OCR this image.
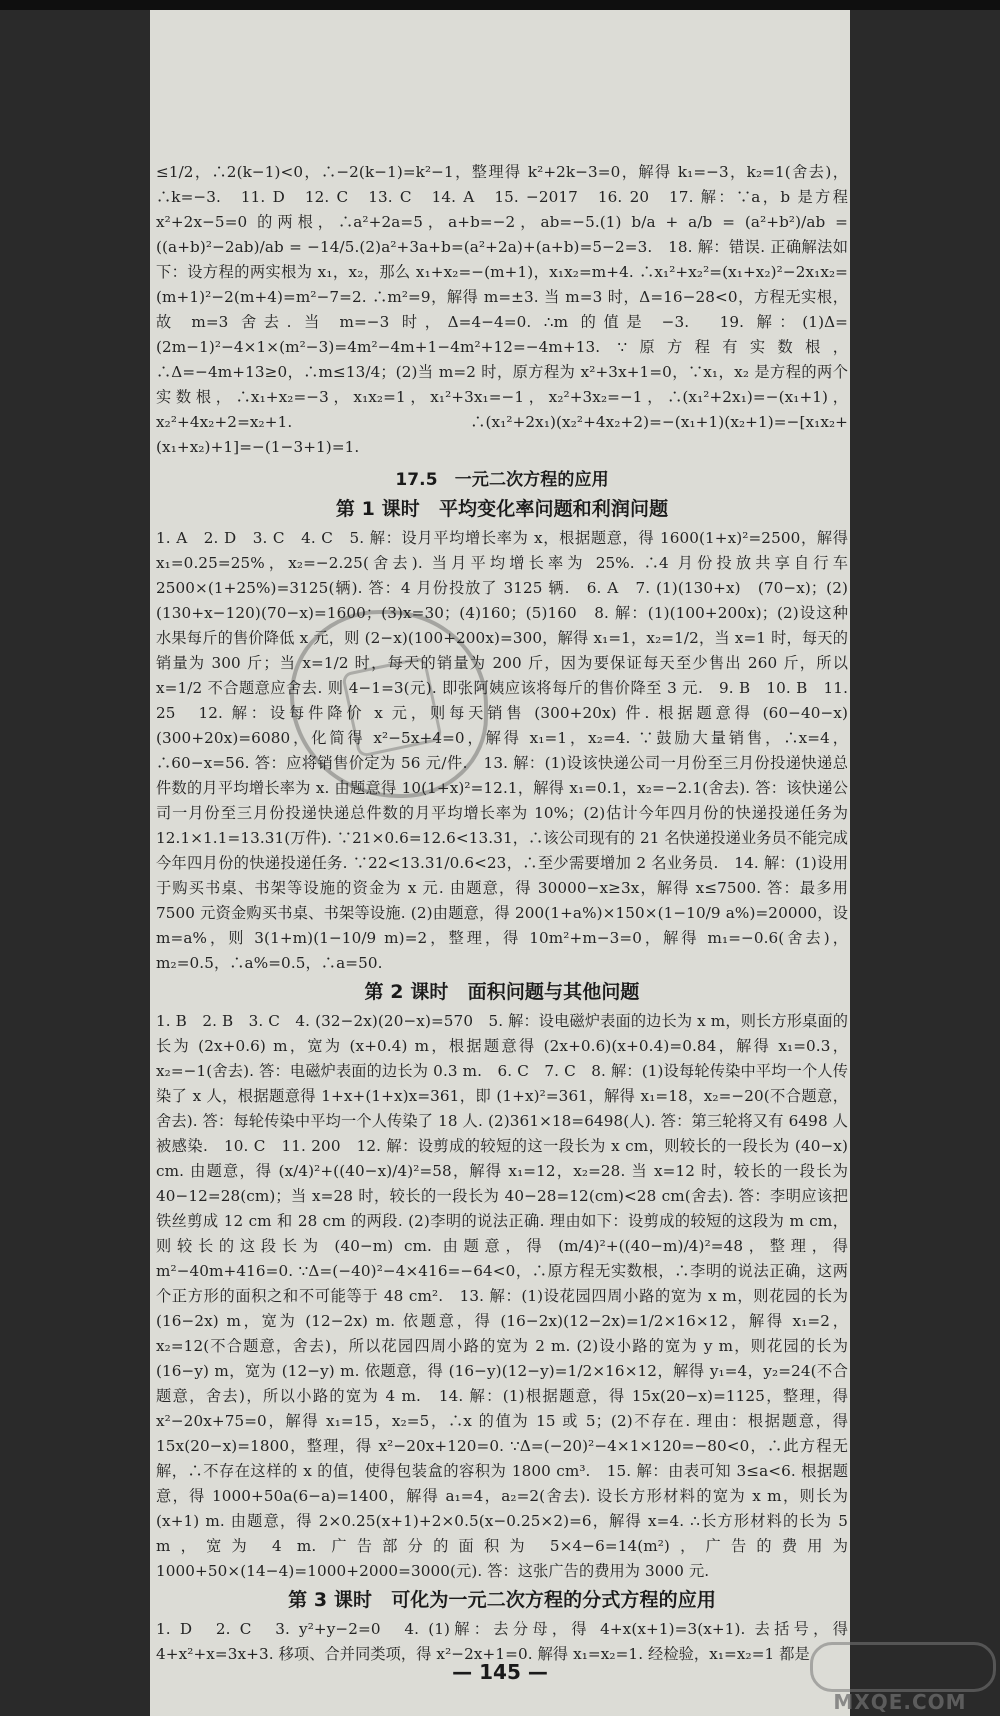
≤1/2，∴2(k−1)<0，∴−2(k−1)=k²−1，整理得 k²+2k−3=0，解得 k₁=−3，k₂=1(舍去)，∴k=−3.　11. D　12. C　13. C　14. A　15. −2017　16. 20　17. 解：∵a，b 是方程 x²+2x−5=0 的两根，∴a²+2a=5，a+b=−2，ab=−5.(1) b/a + a/b = (a²+b²)/ab = ((a+b)²−2ab)/ab = −14/5.(2)a²+3a+b=(a²+2a)+(a+b)=5−2=3.　18. 解：错误. 正确解法如下：设方程的两实根为 x₁，x₂，那么 x₁+x₂=−(m+1)，x₁x₂=m+4. ∴x₁²+x₂²=(x₁+x₂)²−2x₁x₂=(m+1)²−2(m+4)=m²−7=2. ∴m²=9，解得 m=±3. 当 m=3 时，Δ=16−28<0，方程无实根，故 m=3 舍去. 当 m=−3 时，Δ=4−4=0. ∴m 的值是 −3.　19. 解：(1)Δ=(2m−1)²−4×1×(m²−3)=4m²−4m+1−4m²+12=−4m+13. ∵原方程有实数根，∴Δ=−4m+13≥0，∴m≤13/4；(2)当 m=2 时，原方程为 x²+3x+1=0，∵x₁，x₂ 是方程的两个实数根，∴x₁+x₂=−3，x₁x₂=1，x₁²+3x₁=−1，x₂²+3x₂=−1，∴(x₁²+2x₁)=−(x₁+1)，x₂²+4x₂+2=x₂+1. ∴(x₁²+2x₁)(x₂²+4x₂+2)=−(x₁+1)(x₂+1)=−[x₁x₂+(x₁+x₂)+1]=−(1−3+1)=1.

17.5　一元二次方程的应用
第 1 课时　平均变化率问题和利润问题

1. A　2. D　3. C　4. C　5. 解：设月平均增长率为 x，根据题意，得 1600(1+x)²=2500，解得 x₁=0.25=25%，x₂=−2.25(舍去). 当月平均增长率为 25%. ∴4 月份投放共享自行车 2500×(1+25%)=3125(辆). 答：4 月份投放了 3125 辆.　6. A　7. (1)(130+x)　(70−x)；(2)(130+x−120)(70−x)=1600；(3)x=30；(4)160；(5)160　8. 解：(1)(100+200x)；(2)设这种水果每斤的售价降低 x 元，则 (2−x)(100+200x)=300，解得 x₁=1，x₂=1/2，当 x=1 时，每天的销量为 300 斤；当 x=1/2 时，每天的销量为 200 斤，因为要保证每天至少售出 260 斤，所以 x=1/2 不合题意应舍去. 则 4−1=3(元). 即张阿姨应该将每斤的售价降至 3 元.　9. B　10. B　11. 25　12. 解：设每件降价 x 元，则每天销售 (300+20x) 件. 根据题意得 (60−40−x)(300+20x)=6080，化简得 x²−5x+4=0，解得 x₁=1，x₂=4. ∵鼓励大量销售，∴x=4，∴60−x=56. 答：应将销售价定为 56 元/件.　13. 解：(1)设该快递公司一月份至三月份投递快递总件数的月平均增长率为 x. 由题意得 10(1+x)²=12.1，解得 x₁=0.1，x₂=−2.1(舍去). 答：该快递公司一月份至三月份投递快递总件数的月平均增长率为 10%；(2)估计今年四月份的快递投递任务为 12.1×1.1=13.31(万件). ∵21×0.6=12.6<13.31，∴该公司现有的 21 名快递投递业务员不能完成今年四月份的快递投递任务. ∵22<13.31/0.6<23，∴至少需要增加 2 名业务员.　14. 解：(1)设用于购买书桌、书架等设施的资金为 x 元. 由题意，得 30000−x≥3x，解得 x≤7500. 答：最多用 7500 元资金购买书桌、书架等设施. (2)由题意，得 200(1+a%)×150×(1−10/9 a%)=20000，设 m=a%，则 3(1+m)(1−10/9 m)=2，整理，得 10m²+m−3=0，解得 m₁=−0.6(舍去)，m₂=0.5，∴a%=0.5，∴a=50.

第 2 课时　面积问题与其他问题

1. B　2. B　3. C　4. (32−2x)(20−x)=570　5. 解：设电磁炉表面的边长为 x m，则长方形桌面的长为 (2x+0.6) m，宽为 (x+0.4) m，根据题意得 (2x+0.6)(x+0.4)=0.84，解得 x₁=0.3，x₂=−1(舍去). 答：电磁炉表面的边长为 0.3 m.　6. C　7. C　8. 解：(1)设每轮传染中平均一个人传染了 x 人，根据题意得 1+x+(1+x)x=361，即 (1+x)²=361，解得 x₁=18，x₂=−20(不合题意，舍去). 答：每轮传染中平均一个人传染了 18 人. (2)361×18=6498(人). 答：第三轮将又有 6498 人被感染.　10. C　11. 200　12. 解：设剪成的较短的这一段长为 x cm，则较长的一段长为 (40−x) cm. 由题意，得 (x/4)²+((40−x)/4)²=58，解得 x₁=12，x₂=28. 当 x=12 时，较长的一段长为 40−12=28(cm)；当 x=28 时，较长的一段长为 40−28=12(cm)<28 cm(舍去). 答：李明应该把铁丝剪成 12 cm 和 28 cm 的两段. (2)李明的说法正确. 理由如下：设剪成的较短的这段为 m cm，则较长的这段长为 (40−m) cm. 由题意，得 (m/4)²+((40−m)/4)²=48，整理，得 m²−40m+416=0. ∵Δ=(−40)²−4×416=−64<0，∴原方程无实数根，∴李明的说法正确，这两个正方形的面积之和不可能等于 48 cm².　13. 解：(1)设花园四周小路的宽为 x m，则花园的长为 (16−2x) m，宽为 (12−2x) m. 依题意，得 (16−2x)(12−2x)=1/2×16×12，解得 x₁=2，x₂=12(不合题意，舍去)，所以花园四周小路的宽为 2 m. (2)设小路的宽为 y m，则花园的长为 (16−y) m，宽为 (12−y) m. 依题意，得 (16−y)(12−y)=1/2×16×12，解得 y₁=4，y₂=24(不合题意，舍去)，所以小路的宽为 4 m.　14. 解：(1)根据题意，得 15x(20−x)=1125，整理，得 x²−20x+75=0，解得 x₁=15，x₂=5，∴x 的值为 15 或 5；(2)不存在. 理由：根据题意，得 15x(20−x)=1800，整理，得 x²−20x+120=0. ∵Δ=(−20)²−4×1×120=−80<0，∴此方程无解，∴不存在这样的 x 的值，使得包装盒的容积为 1800 cm³.　15. 解：由表可知 3≤a<6. 根据题意，得 1000+50a(6−a)=1400，解得 a₁=4，a₂=2(舍去). 设长方形材料的宽为 x m，则长为 (x+1) m. 由题意，得 2×0.25(x+1)+2×0.5(x−0.25×2)=6，解得 x=4. ∴长方形材料的长为 5 m，宽为 4 m. 广告部分的面积为 5×4−6=14(m²)，广告的费用为 1000+50×(14−4)=1000+2000=3000(元). 答：这张广告的费用为 3000 元.

第 3 课时　可化为一元二次方程的分式方程的应用

1. D　2. C　3. y²+y−2=0　4. (1)解：去分母，得 4+x(x+1)=3(x+1). 去括号，得 4+x²+x=3x+3. 移项、合并同类项，得 x²−2x+1=0. 解得 x₁=x₂=1. 经检验，x₁=x₂=1 都是

— 145 —
MXQE.COM
